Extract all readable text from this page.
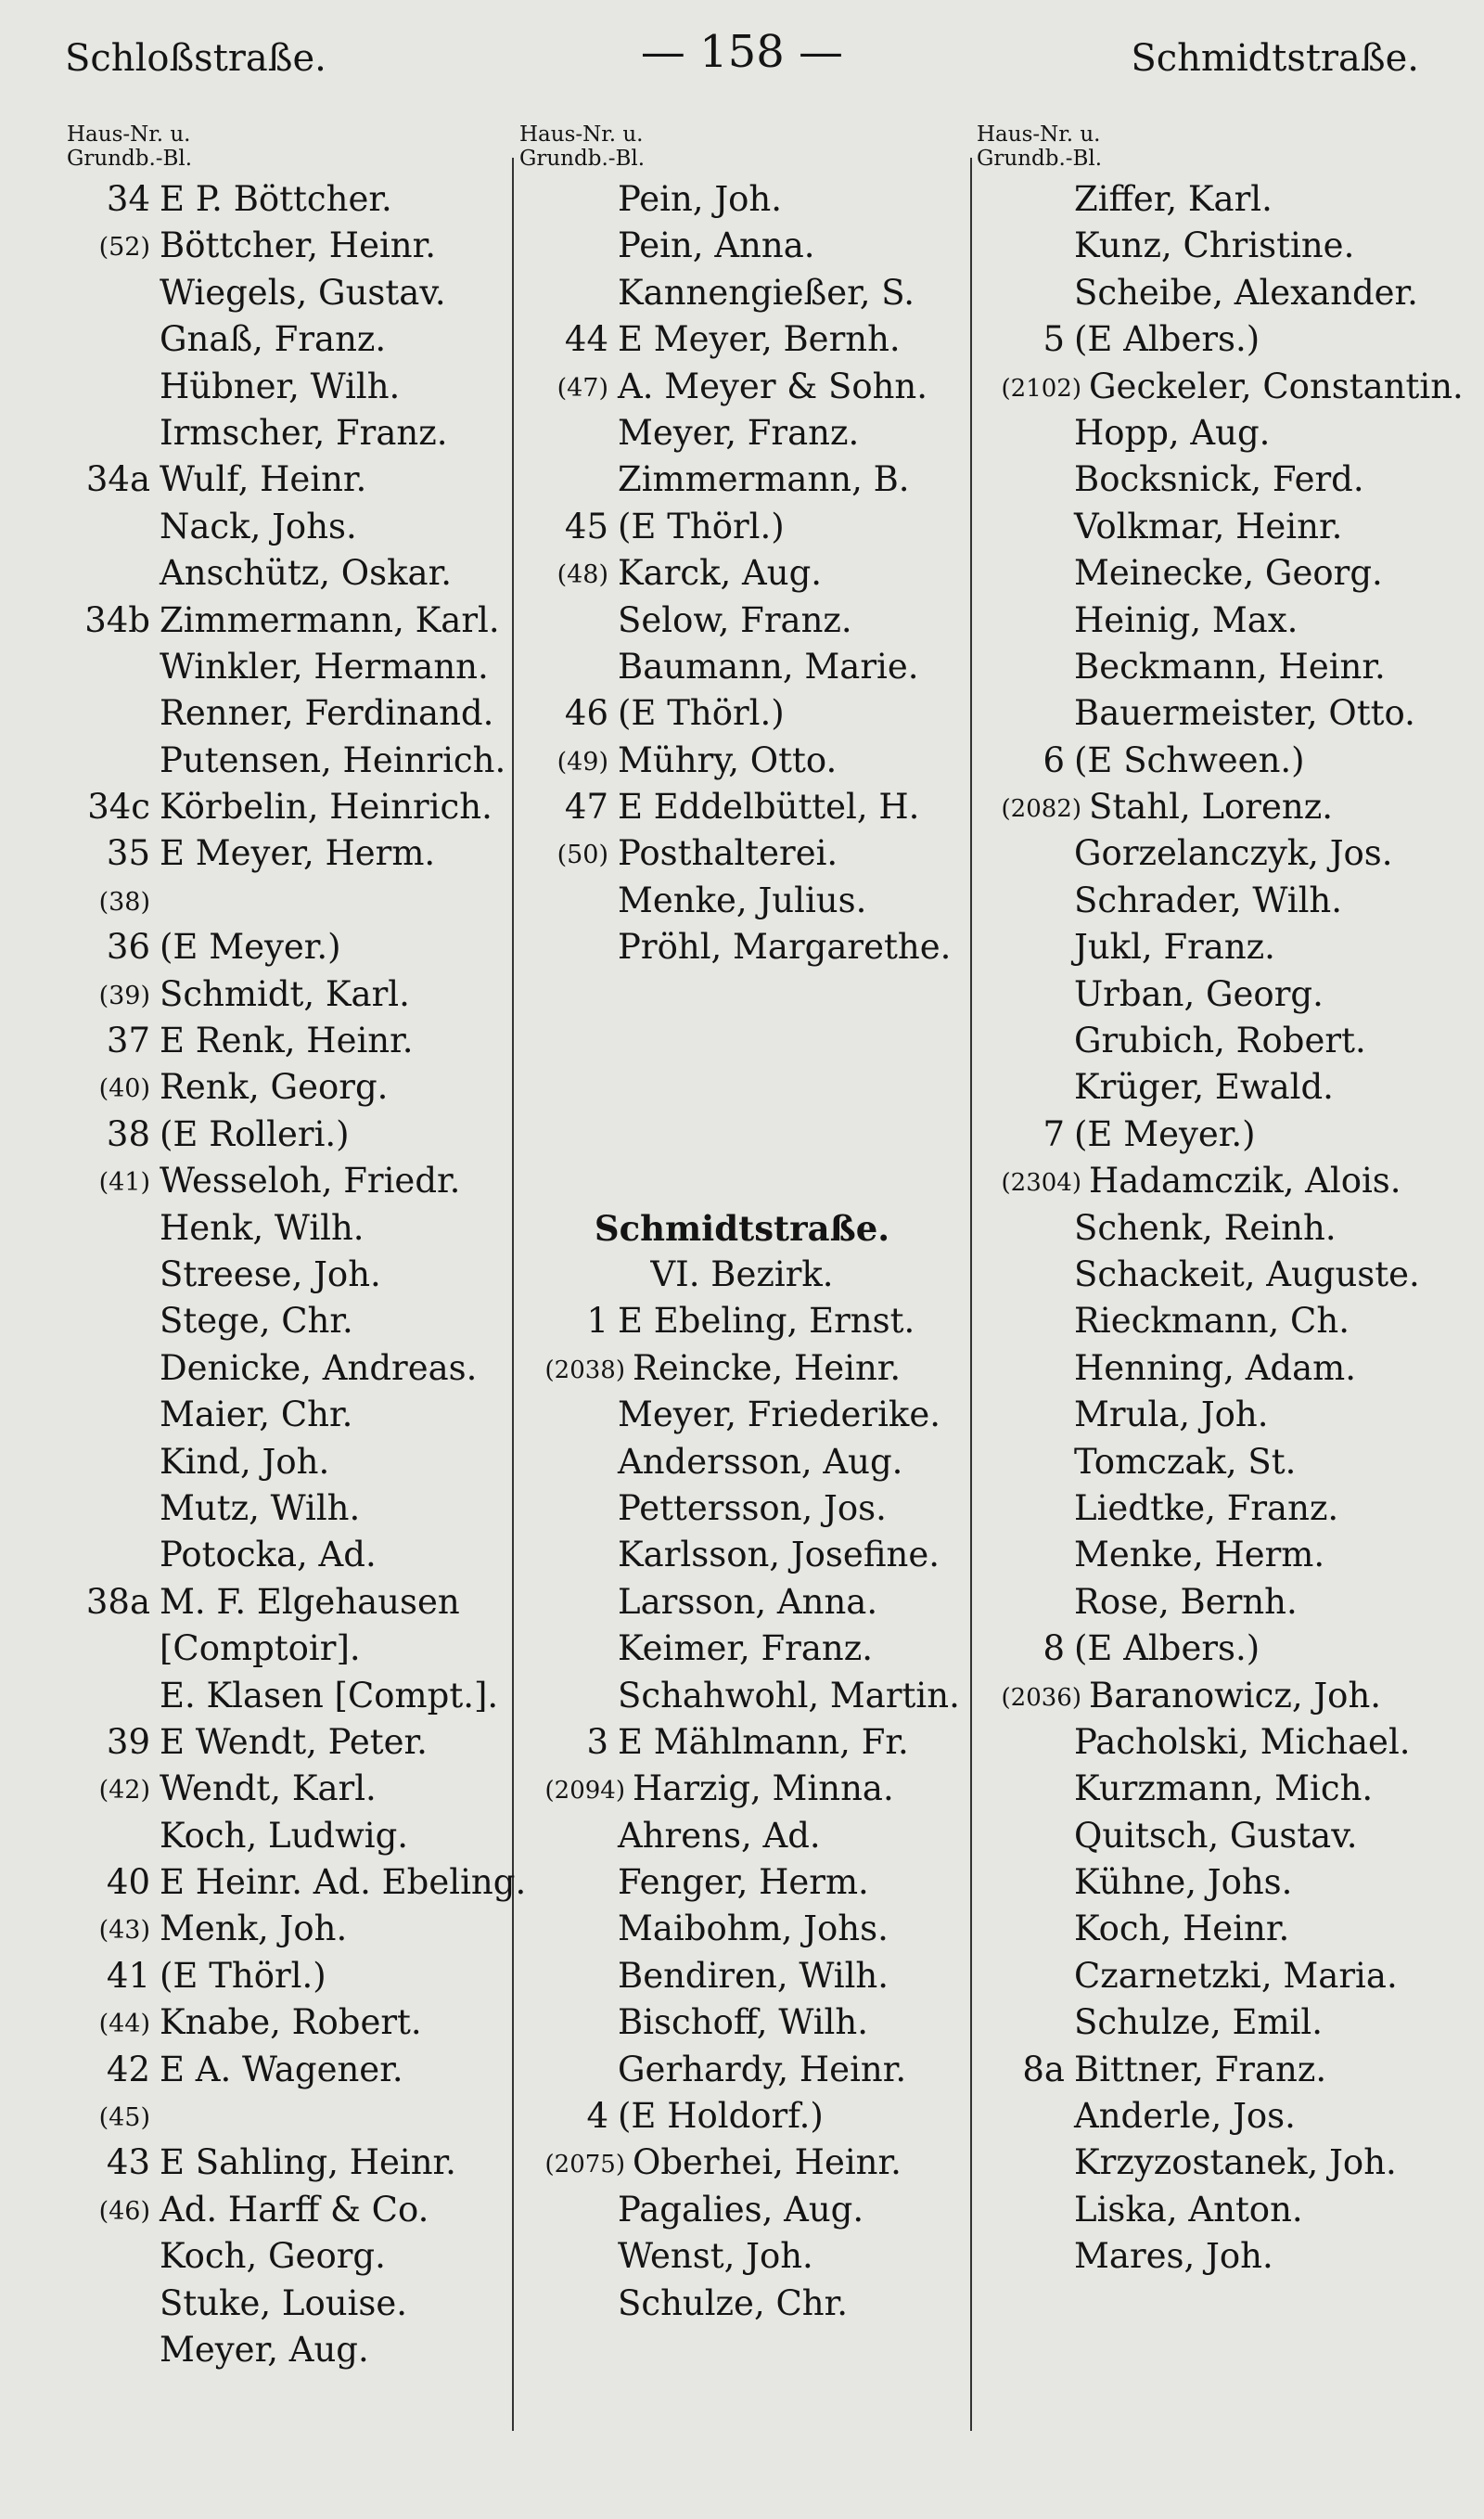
Schloßstraße.	— 158 —	Schmidtstraße.
Haus-Nr. u.
Grundb.-Bl.
Haus-Nr. u.
Grundb.-Bl.
Haus-Nr. u.
Grundb.-Bl.
34 E P. Böttcher.
(52) Böttcher, Heinr.
Wiegels, Gustav.
Gnaß, Franz.
Hübner, Wilh.
Irmscher, Franz.
34a Wulf, Heinr.
Nack, Johs.
Anschütz, Oskar.
34b Zimmermann, Karl.
Winkler, Hermann.
Renner, Ferdinand.
Putensen, Heinrich.
34c Körbelin, Heinrich.
35 E Meyer, Herm.
(38)
36 (E Meyer.)
(39) Schmidt, Karl.
37 E Renk, Heinr.
(40) Renk, Georg.
38 (E Rolleri.)
(41) Wesseloh, Friedr.
Henk, Wilh.
Streese, Joh.
Stege, Chr.
Denicke, Andreas.
Maier, Chr.
Kind, Joh.
Mutz, Wilh.
Potocka, Ad.
38a M. F. Elgehausen
[Comptoir].
E. Klasen [Compt.].
39 E Wendt, Peter.
(42) Wendt, Karl.
Koch, Ludwig.
40 E Heinr. Ad. Ebeling.
(43) Menk, Joh.
41 (E Thörl.)
(44) Knabe, Robert.
42 E A. Wagener.
(45)
43 E Sahling, Heinr.
(46) Ad. Harff & Co.
Koch, Georg.
Stuke, Louise.
Meyer, Aug.
Pein, Joh.
Pein, Anna.
Kannengießer, S.
44 E Meyer, Bernh.
(47) A. Meyer & Sohn.
Meyer, Franz.
Zimmermann, B.
45 (E Thörl.)
(48) Karck, Aug.
Selow, Franz.
Baumann, Marie.
46 (E Thörl.)
(49) Mühry, Otto.
47 E Eddelbüttel, H.
(50) Posthalterei.
Menke, Julius.
Pröhl, Margarethe.
Schmidtstraße.
VI. Bezirk.
1 E Ebeling, Ernst.
(2038) Reincke, Heinr.
Meyer, Friederike.
Andersson, Aug.
Pettersson, Jos.
Karlsson, Josefine.
Larsson, Anna.
Keimer, Franz.
Schahwohl, Martin.
3 E Mählmann, Fr.
(2094) Harzig, Minna.
Ahrens, Ad.
Fenger, Herm.
Maibohm, Johs.
Bendiren, Wilh.
Bischoff, Wilh.
Gerhardy, Heinr.
4 (E Holdorf.)
(2075) Oberhei, Heinr.
Pagalies, Aug.
Wenst, Joh.
Schulze, Chr.
Ziffer, Karl.
Kunz, Christine.
Scheibe, Alexander.
5 (E Albers.)
(2102) Geckeler, Constantin.
Hopp, Aug.
Bocksnick, Ferd.
Volkmar, Heinr.
Meinecke, Georg.
Heinig, Max.
Beckmann, Heinr.
Bauermeister, Otto.
6 (E Schween.)
(2082) Stahl, Lorenz.
Gorzelanczyk, Jos.
Schrader, Wilh.
Jukl, Franz.
Urban, Georg.
Grubich, Robert.
Krüger, Ewald.
7 (E Meyer.)
(2304) Hadamczik, Alois.
Schenk, Reinh.
Schackeit, Auguste.
Rieckmann, Ch.
Henning, Adam.
Mrula, Joh.
Tomczak, St.
Liedtke, Franz.
Menke, Herm.
Rose, Bernh.
8 (E Albers.)
(2036) Baranowicz, Joh.
Pacholski, Michael.
Kurzmann, Mich.
Quitsch, Gustav.
Kühne, Johs.
Koch, Heinr.
Czarnetzki, Maria.
Schulze, Emil.
8a Bittner, Franz.
Anderle, Jos.
Krzyzostanek, Joh.
Liska, Anton.
Mares, Joh.
